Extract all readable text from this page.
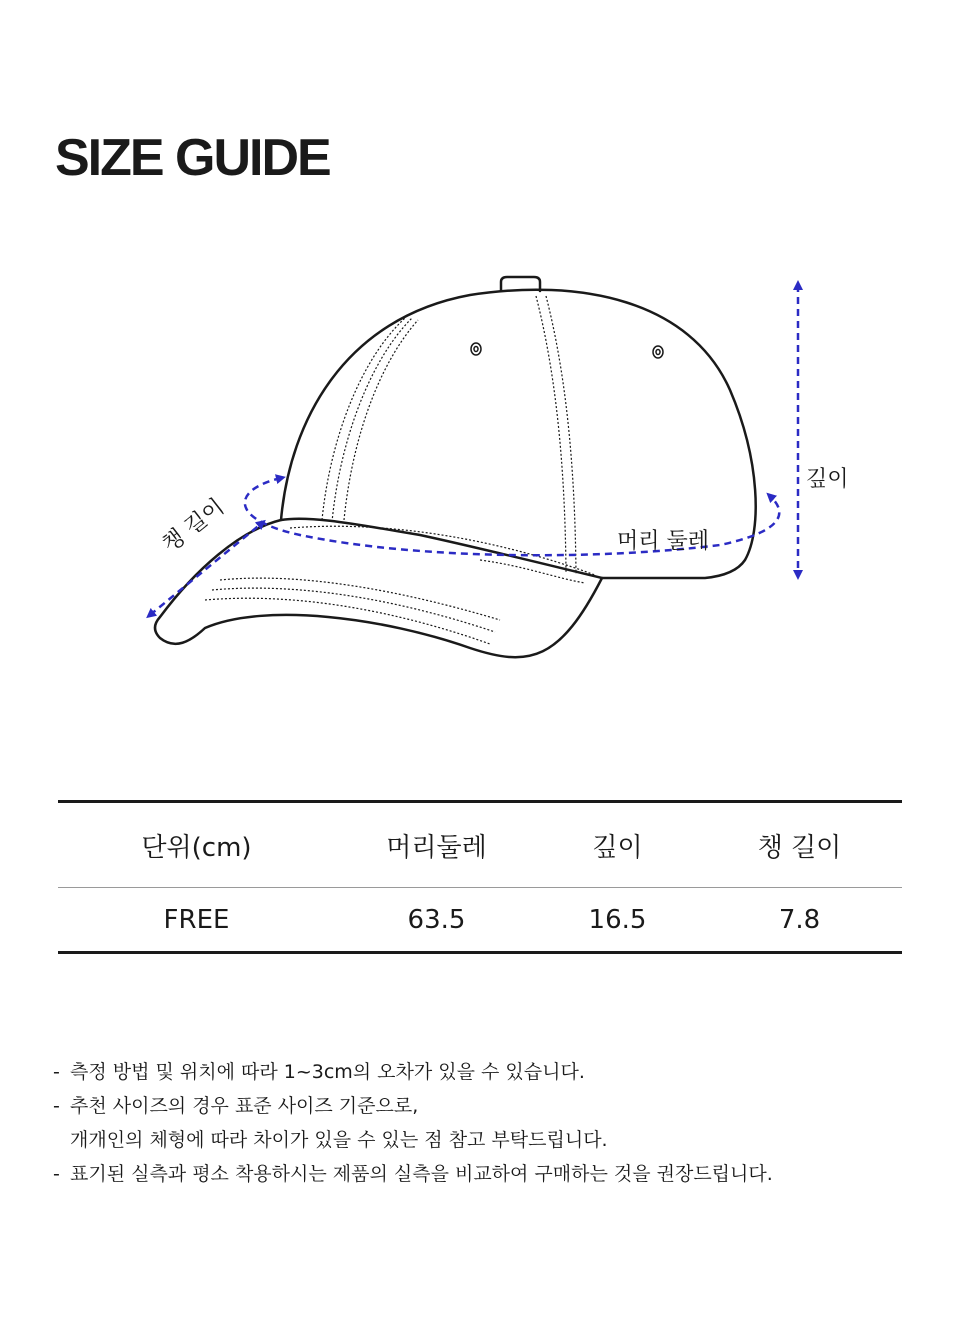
SIZE GUIDE
깊이
머리 둘레
챙 길이
단위(cm)	머리둘레	깊이	챙 길이
FREE	63.5	16.5	7.8
- 측정 방법 및 위치에 따라 1~3cm의 오차가 있을 수 있습니다.
- 추천 사이즈의 경우 표준 사이즈 기준으로,
개개인의 체형에 따라 차이가 있을 수 있는 점 참고 부탁드립니다.
- 표기된 실측과 평소 착용하시는 제품의 실측을 비교하여 구매하는 것을 권장드립니다.
